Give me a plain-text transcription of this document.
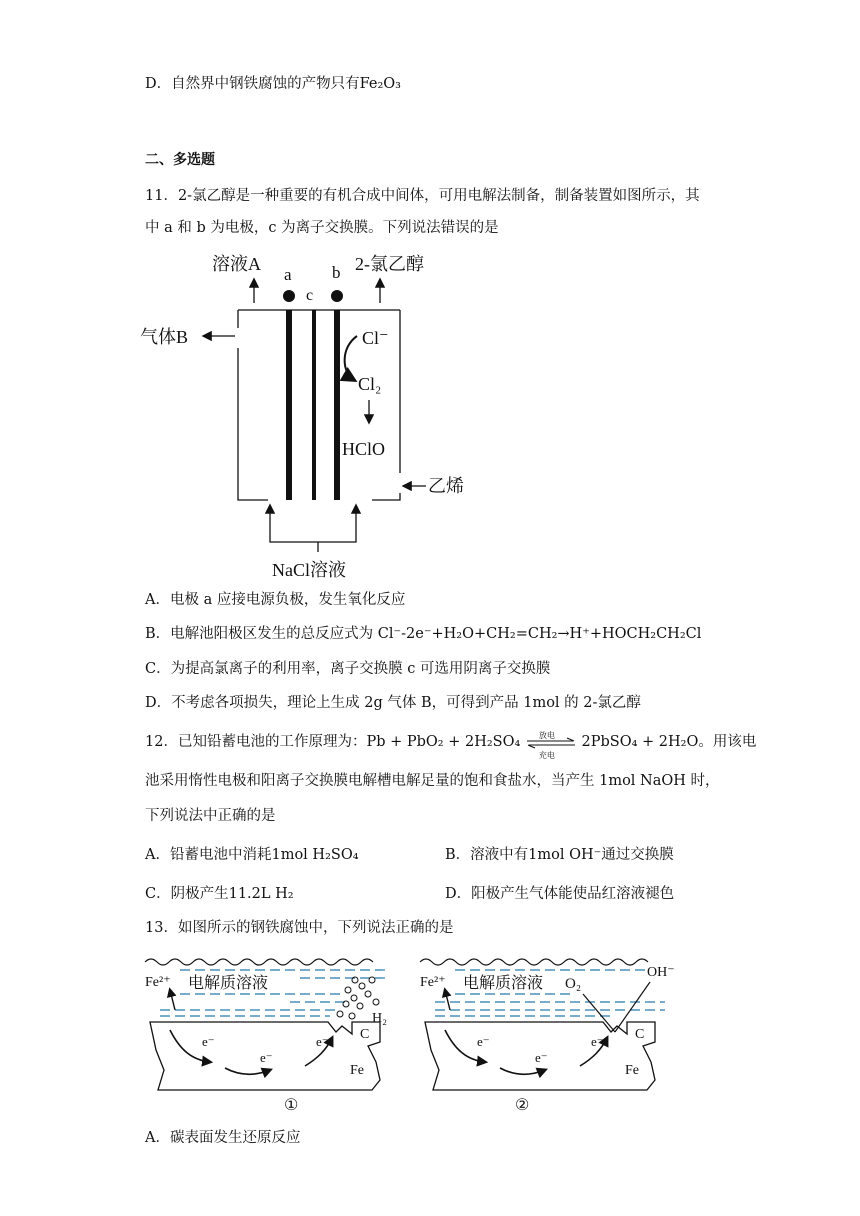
D．自然界中钢铁腐蚀的产物只有Fe₂O₃
二、多选题
11．2-氯乙醇是一种重要的有机合成中间体，可用电解法制备，制备装置如图所示，其
中 a 和 b 为电极，c 为离子交换膜。下列说法错误的是
溶液A
a b
c
2-氯乙醇
气体B	Cl⁻
Cl₂
HClO
乙烯
NaCl溶液
A．电极 a 应接电源负极，发生氧化反应
B．电解池阳极区发生的总反应式为 Cl⁻-2e⁻+H₂O+CH₂=CH₂→H⁺+HOCH₂CH₂Cl
C．为提高氯离子的利用率，离子交换膜 c 可选用阴离子交换膜
D．不考虑各项损失，理论上生成 2g 气体 B，可得到产品 1mol 的 2-氯乙醇
12．已知铅蓄电池的工作原理为：Pb + PbO₂ + 2H₂SO₄ 放电
充电
2PbSO₄ + 2H₂O。用该电
池采用惰性电极和阳离子交换膜电解槽电解足量的饱和食盐水，当产生 1mol NaOH 时，
下列说法中正确的是
A．铅蓄电池中消耗1mol H₂SO₄	B．溶液中有1mol OH⁻通过交换膜
C．阴极产生11.2L H₂	D．阳极产生气体能使品红溶液褪色
13．如图所示的钢铁腐蚀中，下列说法正确的是
Fe²⁺ 电解质溶液
H₂
C
e⁻
e⁻
e⁻
Fe
①
Fe²⁺ 电解质溶液 O₂
OH⁻
C
e⁻
e⁻
e⁻
Fe
②
A．碳表面发生还原反应
